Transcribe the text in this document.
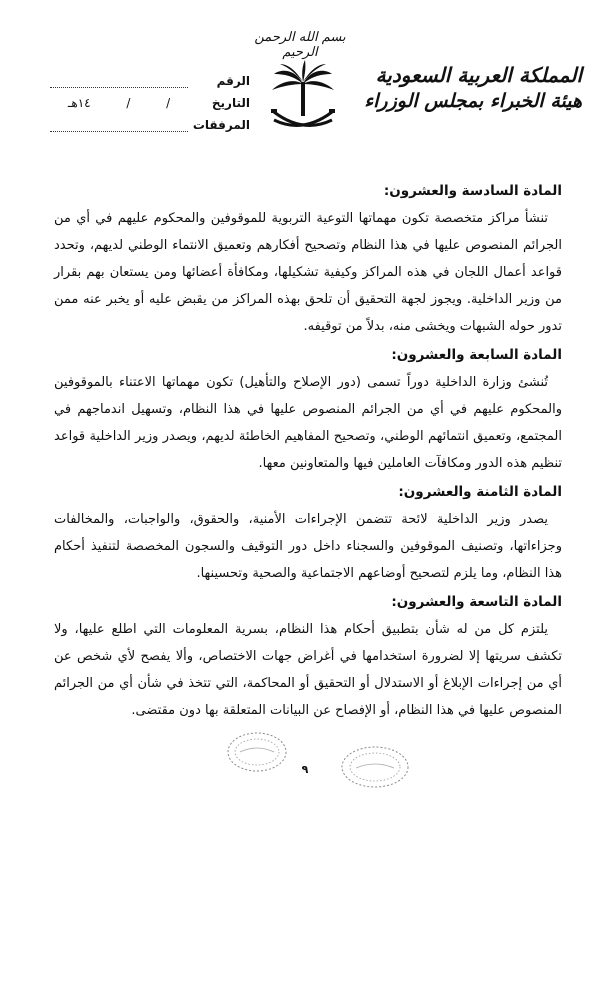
بسم الله الرحمن الرحيم
المملكة العربية السعودية
هيئة الخبراء بمجلس الوزراء
الرقم
التاريخ
/
/
١٤هـ
المرفقات

المادة السادسة والعشرون:

تنشأ مراكز متخصصة تكون مهماتها التوعية التربوية للموقوفين والمحكوم عليهم في أي من الجرائم المنصوص عليها في هذا النظام وتصحيح أفكارهم وتعميق الانتماء الوطني لديهم، وتحدد قواعد أعمال اللجان في هذه المراكز وكيفية تشكيلها، ومكافأة أعضائها ومن يستعان بهم بقرار من وزير الداخلية. ويجوز لجهة التحقيق أن تلحق بهذه المراكز من يقبض عليه أو يخبر عنه ممن تدور حوله الشبهات ويخشى منه، بدلاً من توقيفه.

المادة السابعة والعشرون:

تُنشئ وزارة الداخلية دوراً تسمى (دور الإصلاح والتأهيل) تكون مهماتها الاعتناء بالموقوفين والمحكوم عليهم في أي من الجرائم المنصوص عليها في هذا النظام، وتسهيل اندماجهم في المجتمع، وتعميق انتمائهم الوطني، وتصحيح المفاهيم الخاطئة لديهم، ويصدر وزير الداخلية قواعد تنظيم هذه الدور ومكافآت العاملين فيها والمتعاونين معها.

المادة الثامنة والعشرون:

يصدر وزير الداخلية لائحة تتضمن الإجراءات الأمنية، والحقوق، والواجبات، والمخالفات وجزاءاتها، وتصنيف الموقوفين والسجناء داخل دور التوقيف والسجون المخصصة لتنفيذ أحكام هذا النظام، وما يلزم لتصحيح أوضاعهم الاجتماعية والصحية وتحسينها.

المادة التاسعة والعشرون:

يلتزم كل من له شأن بتطبيق أحكام هذا النظام، بسرية المعلومات التي اطلع عليها، ولا تكشف سريتها إلا لضرورة استخدامها في أغراض جهات الاختصاص، وألا يفصح لأي شخص عن أي من إجراءات الإبلاغ أو الاستدلال أو التحقيق أو المحاكمة، التي تتخذ في شأن أي من الجرائم المنصوص عليها في هذا النظام، أو الإفصاح عن البيانات المتعلقة بها دون مقتضى.

٩
